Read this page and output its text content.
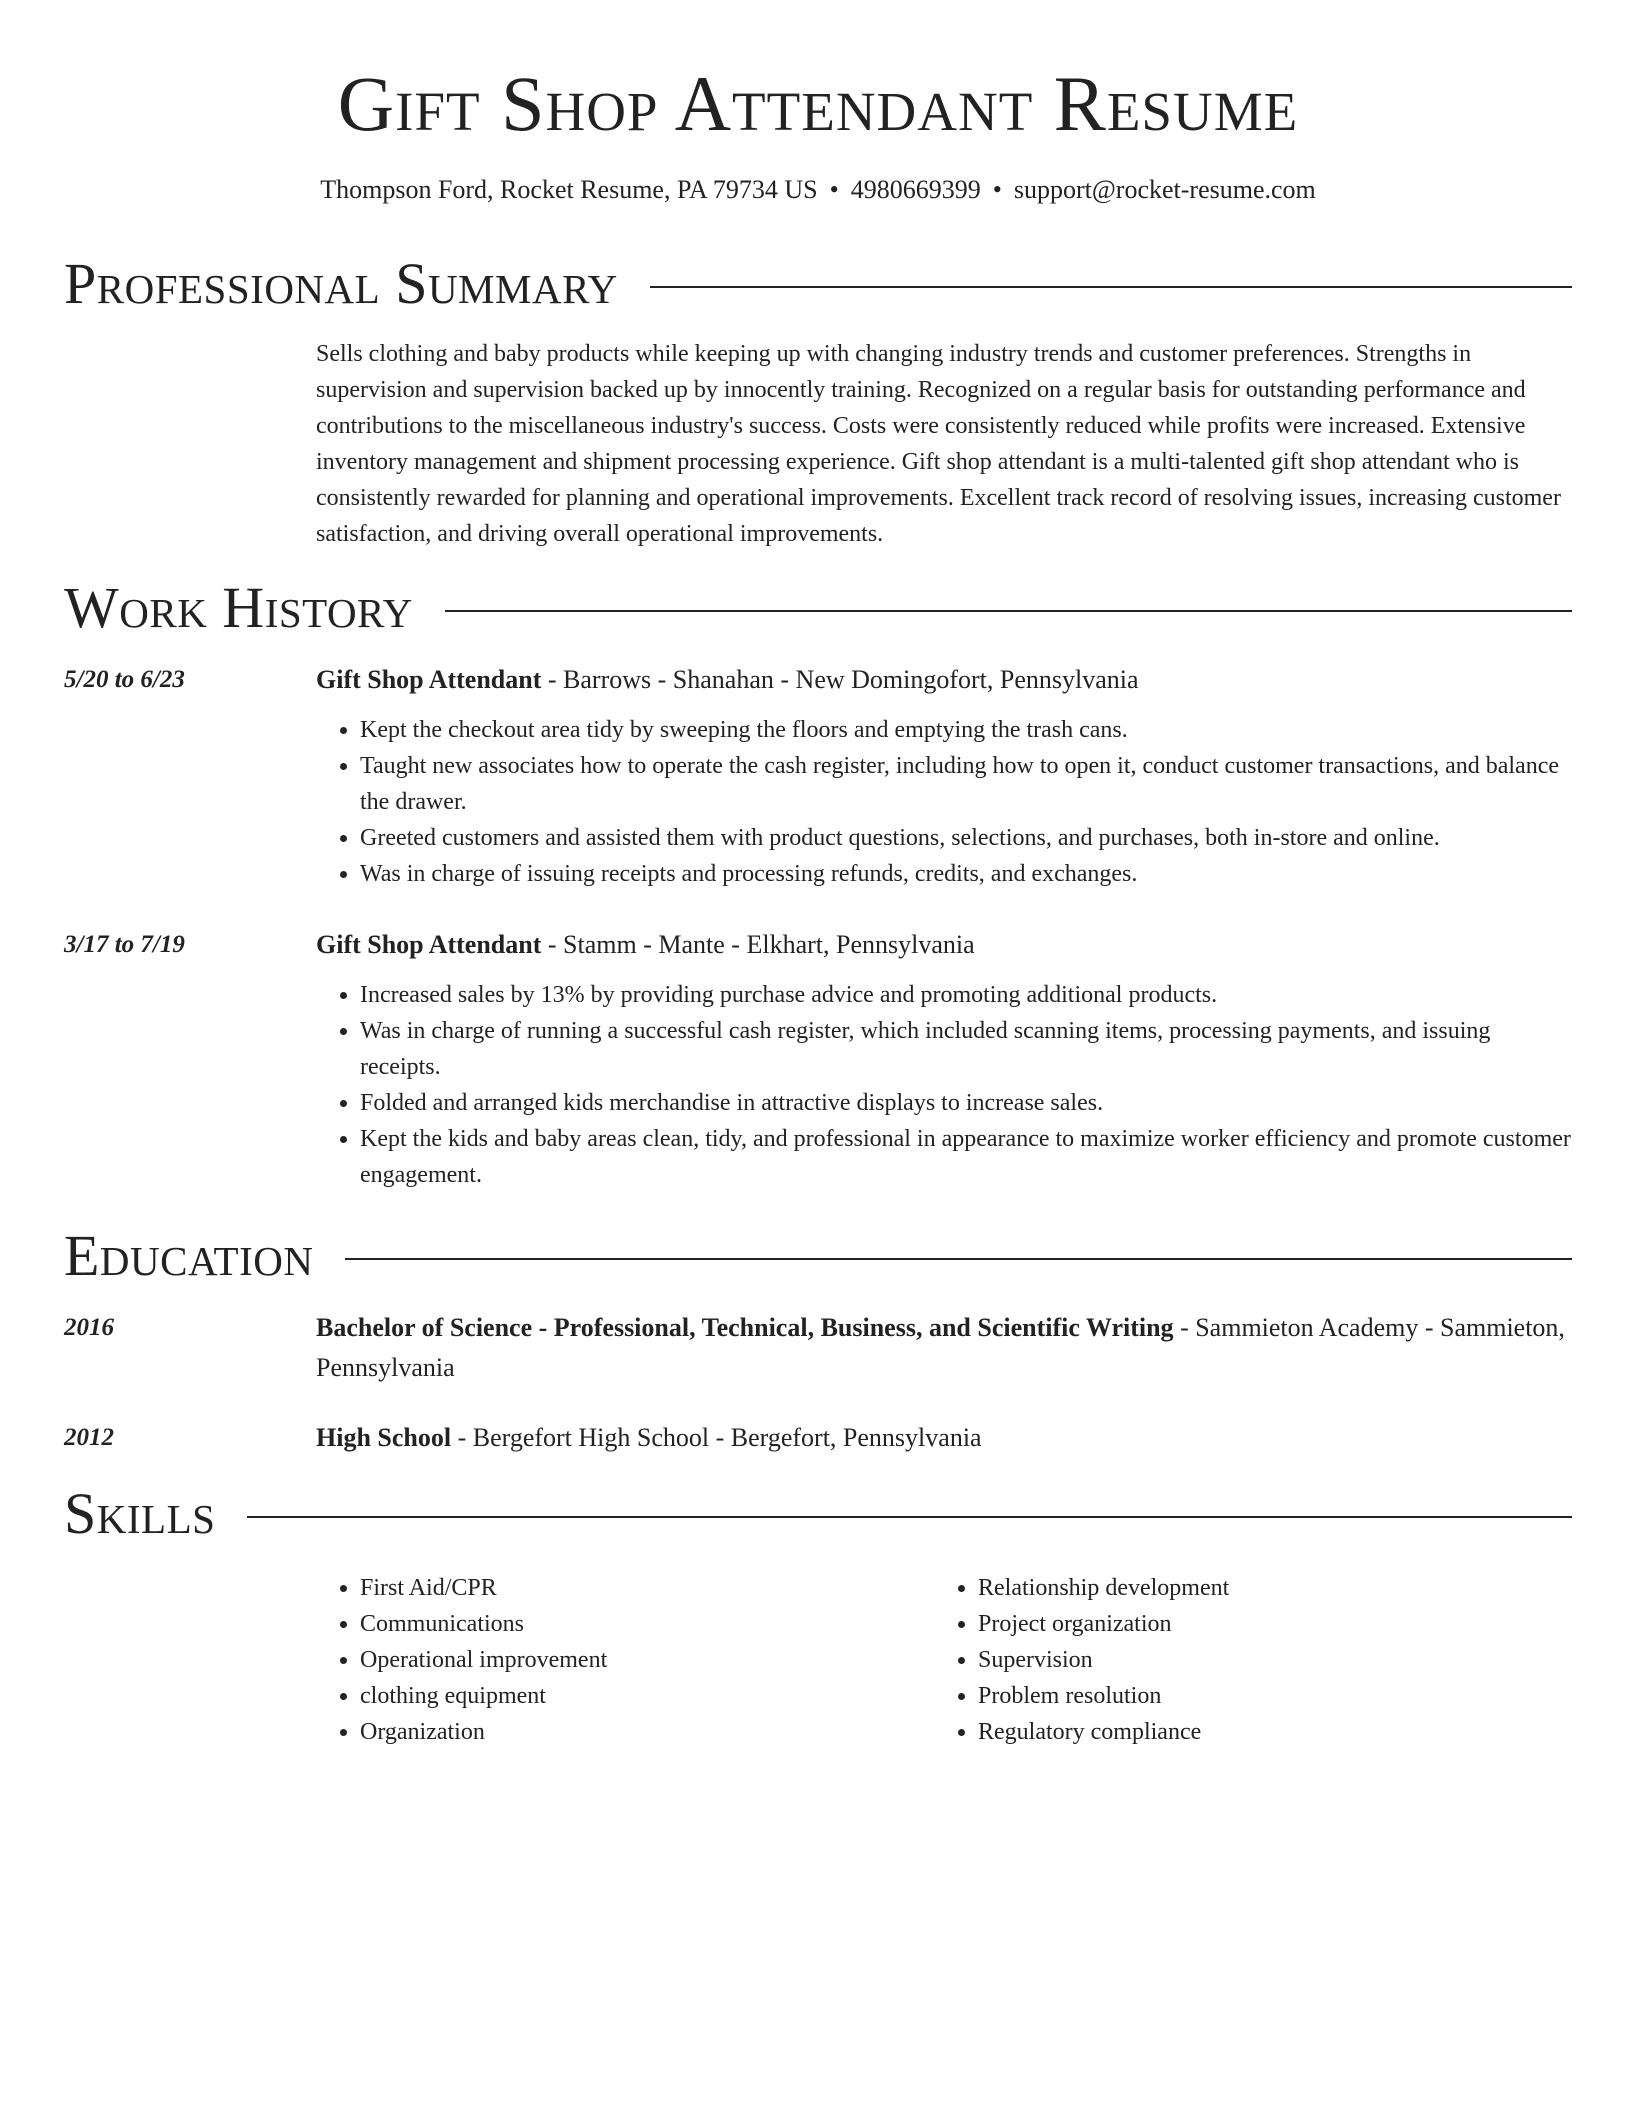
Gift Shop Attendant Resume
Thompson Ford, Rocket Resume, PA 79734 US • 4980669399 • support@rocket-resume.com
Professional Summary

Sells clothing and baby products while keeping up with changing industry trends and customer preferences. Strengths in supervision and supervision backed up by innocently training. Recognized on a regular basis for outstanding performance and contributions to the miscellaneous industry's success. Costs were consistently reduced while profits were increased. Extensive inventory management and shipment processing experience. Gift shop attendant is a multi-talented gift shop attendant who is consistently rewarded for planning and operational improvements. Excellent track record of resolving issues, increasing customer satisfaction, and driving overall operational improvements.

Work History
5/20 to 6/23	Gift Shop Attendant - Barrows - Shanahan - New Domingofort, Pennsylvania
• Kept the checkout area tidy by sweeping the floors and emptying the trash cans.
• Taught new associates how to operate the cash register, including how to open it, conduct customer transactions, and balance the drawer.
• Greeted customers and assisted them with product questions, selections, and purchases, both in-store and online.
• Was in charge of issuing receipts and processing refunds, credits, and exchanges.
3/17 to 7/19	Gift Shop Attendant - Stamm - Mante - Elkhart, Pennsylvania
• Increased sales by 13% by providing purchase advice and promoting additional products.
• Was in charge of running a successful cash register, which included scanning items, processing payments, and issuing receipts.
• Folded and arranged kids merchandise in attractive displays to increase sales.
• Kept the kids and baby areas clean, tidy, and professional in appearance to maximize worker efficiency and promote customer engagement.
Education
2016	Bachelor of Science - Professional, Technical, Business, and Scientific Writing - Sammieton Academy - Sammieton, Pennsylvania
2012	High School - Bergefort High School - Bergefort, Pennsylvania
Skills
• First Aid/CPR
• Communications
• Operational improvement
• clothing equipment
• Organization
• Relationship development
• Project organization
• Supervision
• Problem resolution
• Regulatory compliance
